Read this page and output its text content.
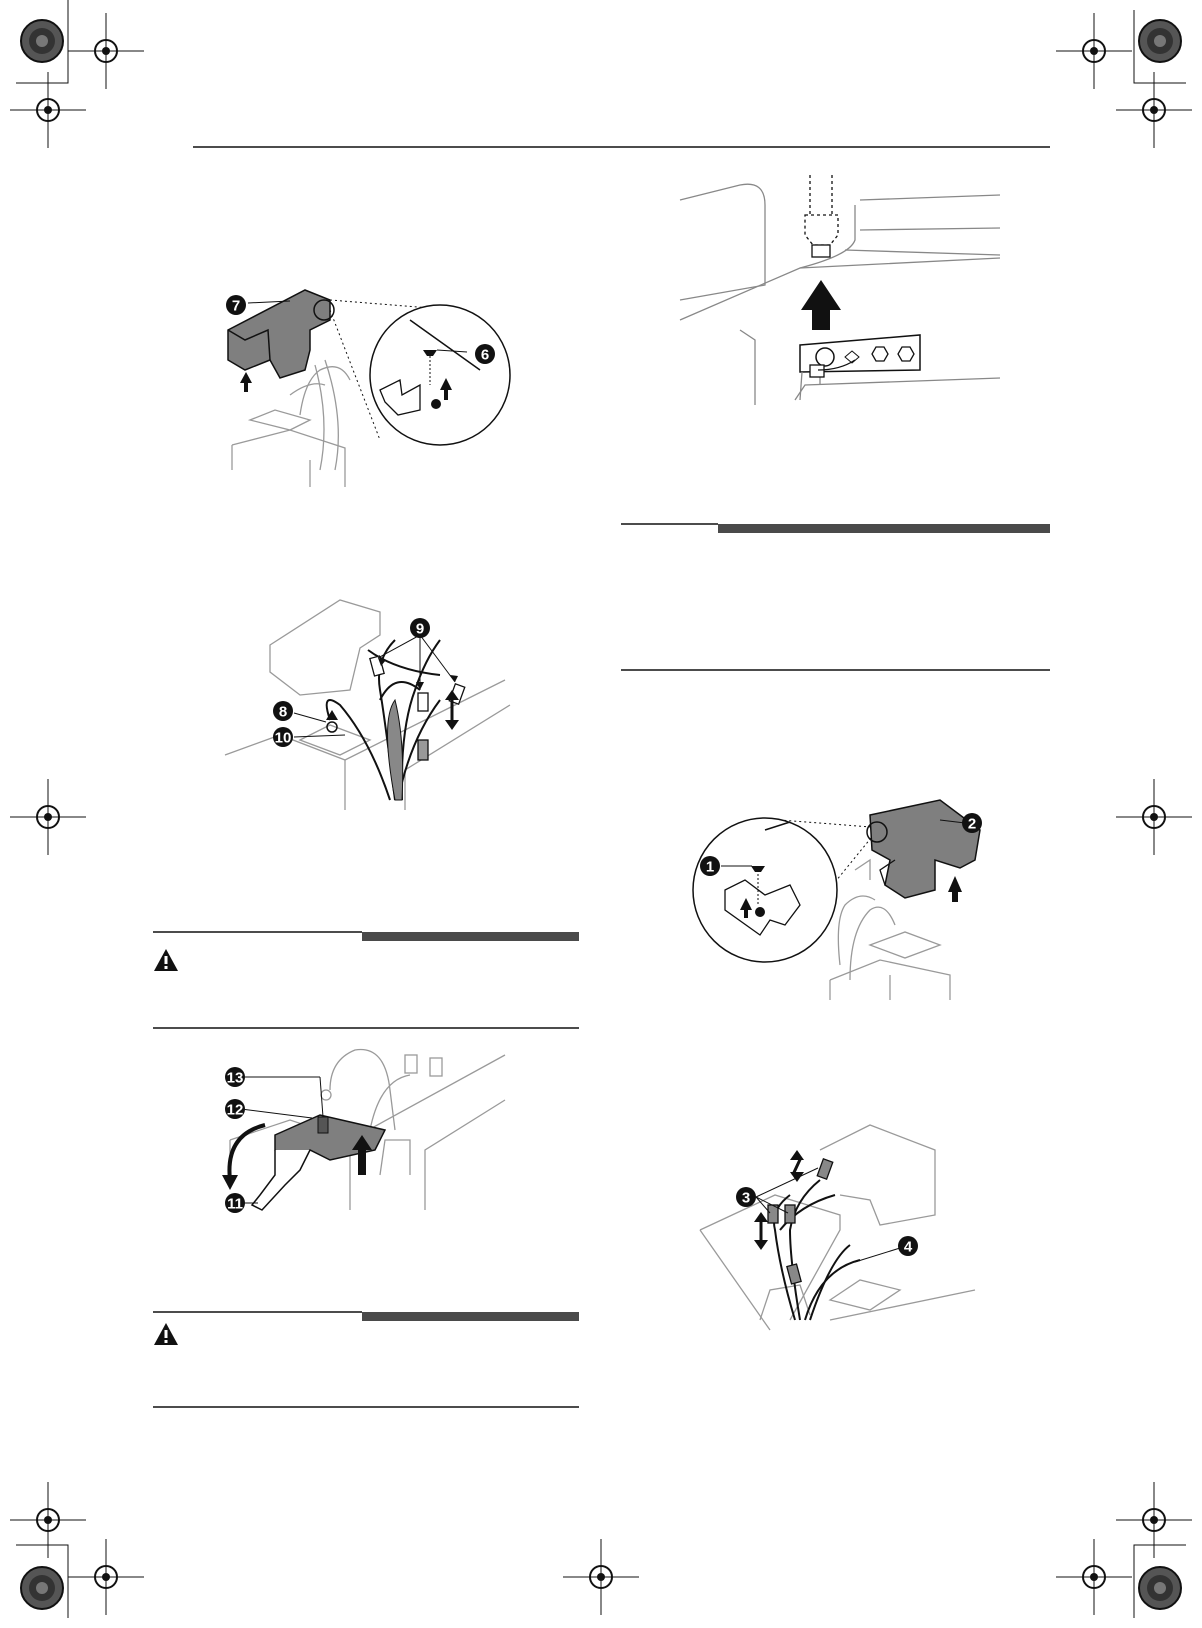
7
6
9
8
10
13
12
11
1
2
3
4
